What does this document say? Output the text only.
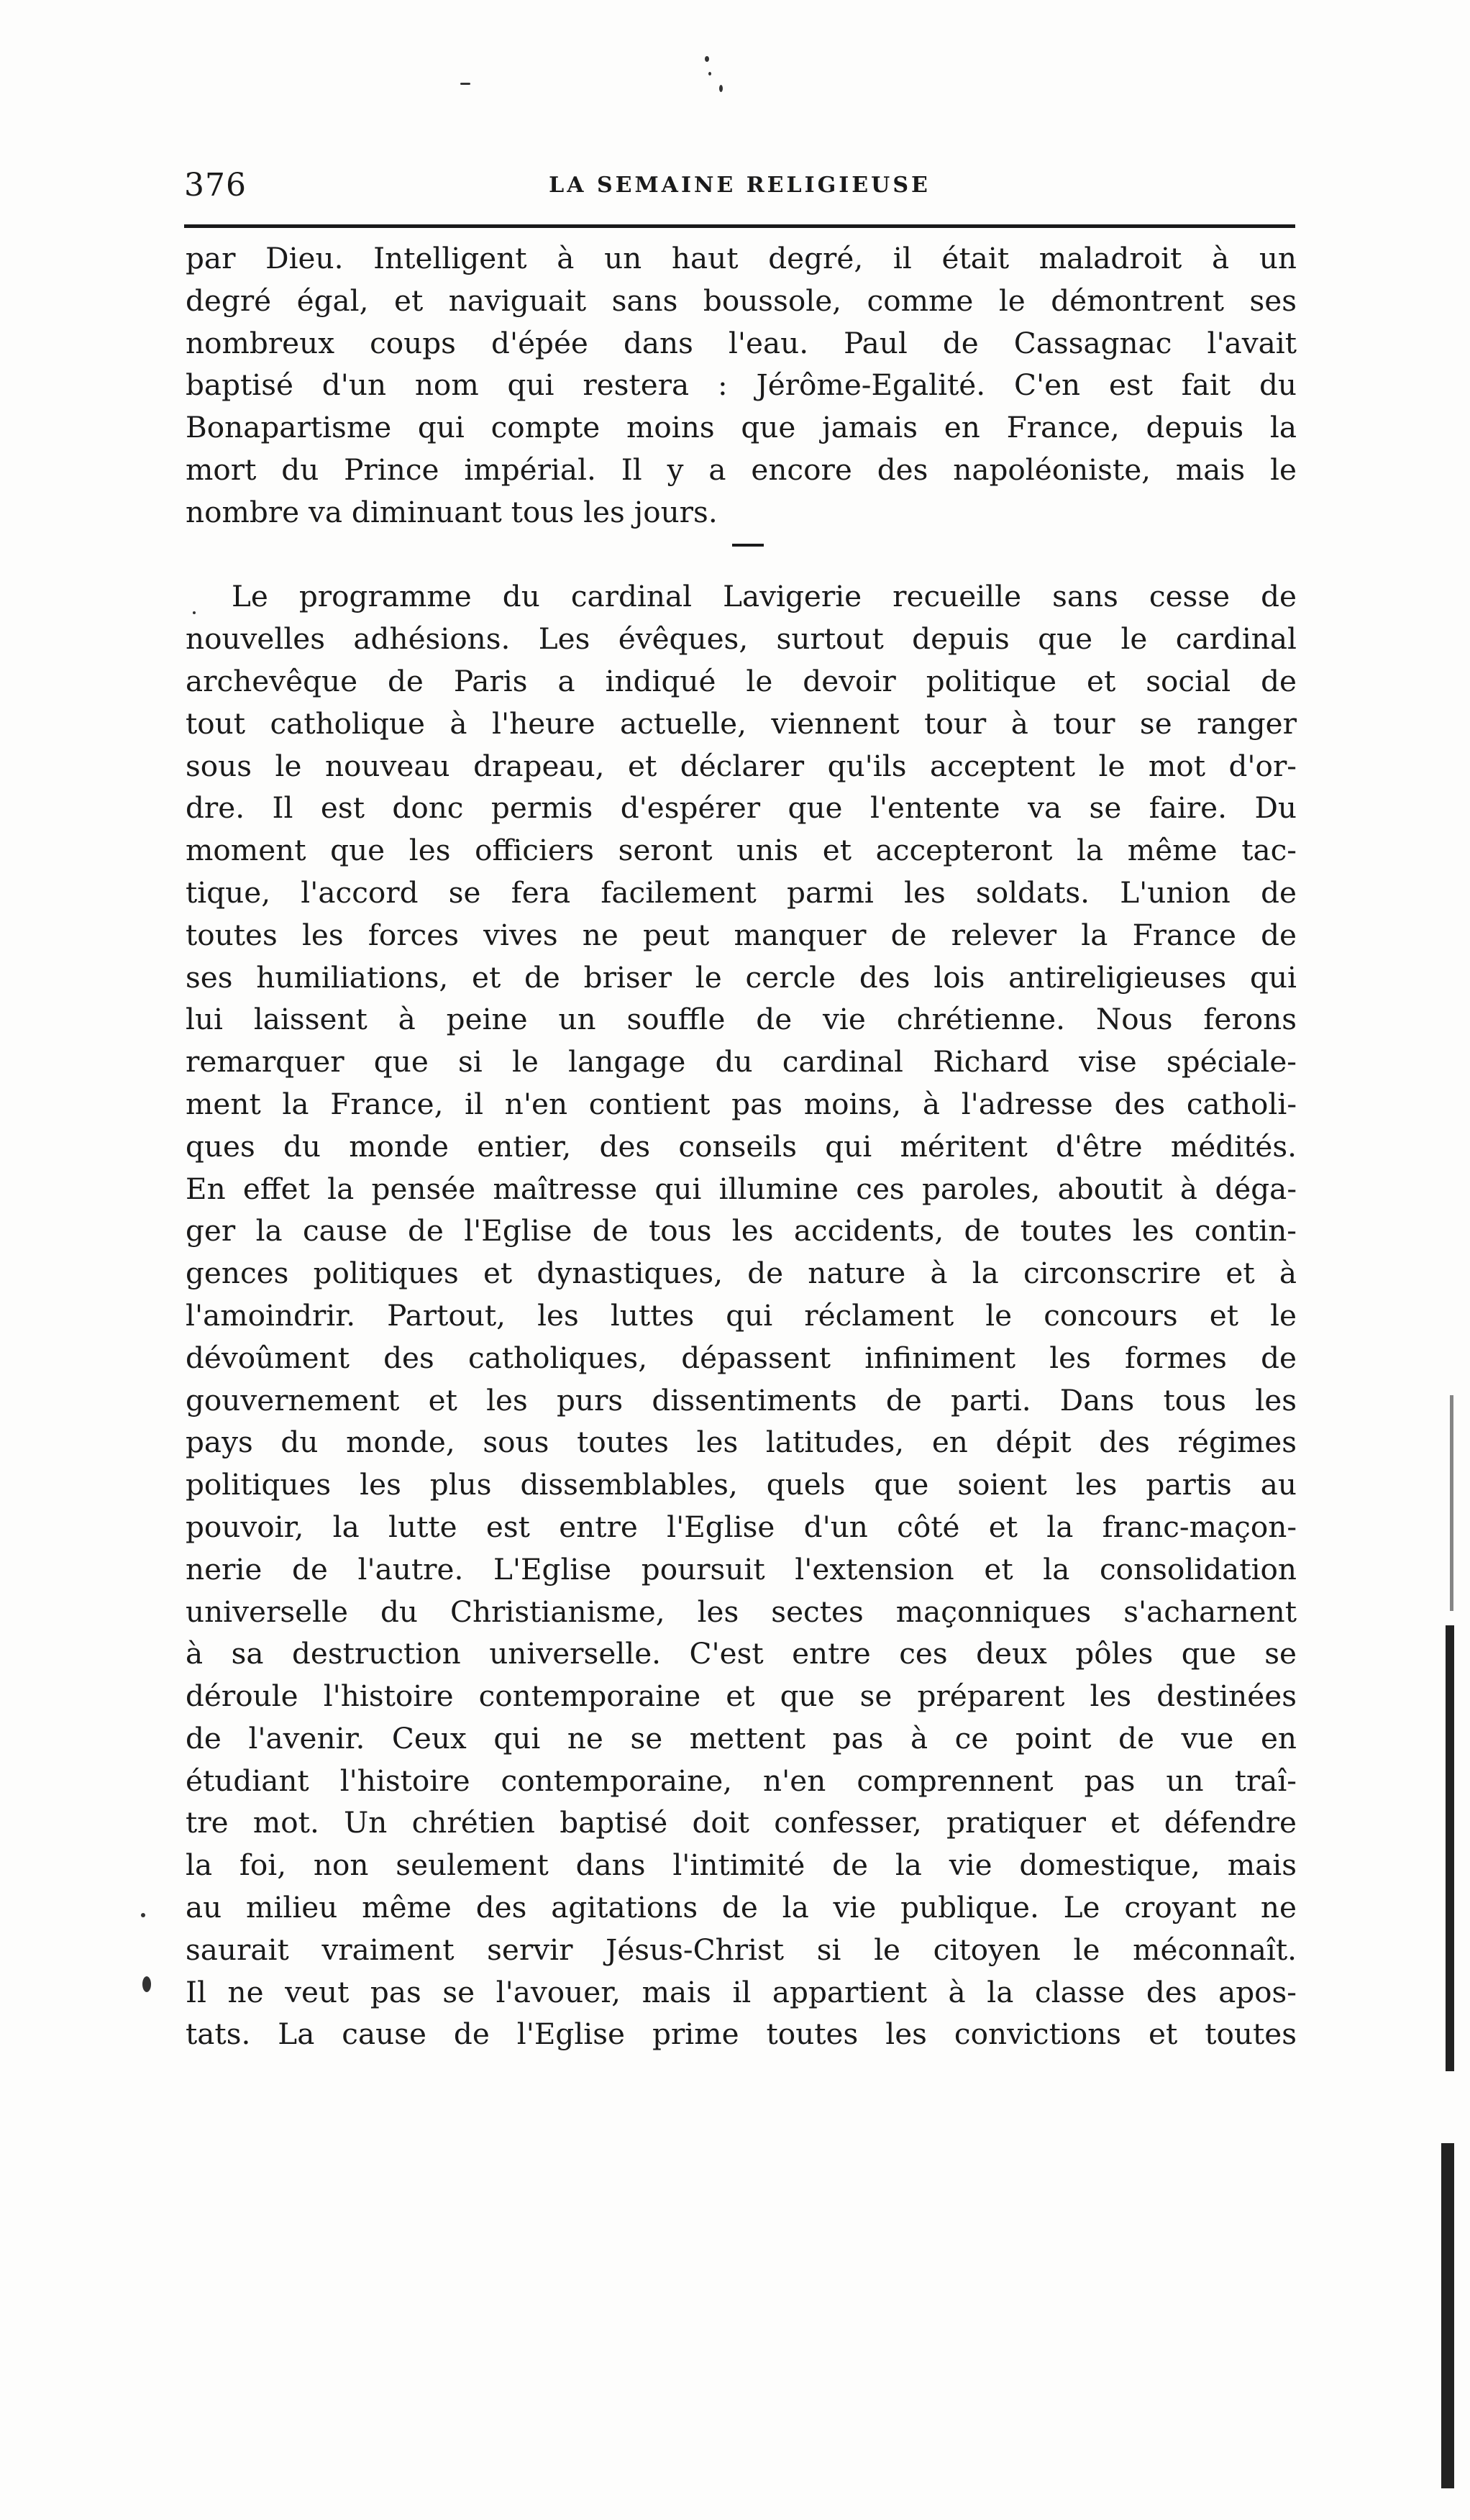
376	LA SEMAINE RELIGIEUSE
par Dieu. Intelligent à un haut degré, il était maladroit à un
degré égal, et naviguait sans boussole, comme le démontrent ses
nombreux coups d'épée dans l'eau. Paul de Cassagnac l'avait
baptisé d'un nom qui restera : Jérôme-Egalité. C'en est fait du
Bonapartisme qui compte moins que jamais en France, depuis la
mort du Prince impérial. Il y a encore des napoléoniste, mais le
nombre va diminuant tous les jours.
Le programme du cardinal Lavigerie recueille sans cesse de
nouvelles adhésions. Les évêques, surtout depuis que le cardinal
archevêque de Paris a indiqué le devoir politique et social de
tout catholique à l'heure actuelle, viennent tour à tour se ranger
sous le nouveau drapeau, et déclarer qu'ils acceptent le mot d'or-
dre. Il est donc permis d'espérer que l'entente va se faire. Du
moment que les officiers seront unis et accepteront la même tac-
tique, l'accord se fera facilement parmi les soldats. L'union de
toutes les forces vives ne peut manquer de relever la France de
ses humiliations, et de briser le cercle des lois antireligieuses qui
lui laissent à peine un souffle de vie chrétienne. Nous ferons
remarquer que si le langage du cardinal Richard vise spéciale-
ment la France, il n'en contient pas moins, à l'adresse des catholi-
ques du monde entier, des conseils qui méritent d'être médités.
En effet la pensée maîtresse qui illumine ces paroles, aboutit à déga-
ger la cause de l'Eglise de tous les accidents, de toutes les contin-
gences politiques et dynastiques, de nature à la circonscrire et à
l'amoindrir. Partout, les luttes qui réclament le concours et le
dévoûment des catholiques, dépassent infiniment les formes de
gouvernement et les purs dissentiments de parti. Dans tous les
pays du monde, sous toutes les latitudes, en dépit des régimes
politiques les plus dissemblables, quels que soient les partis au
pouvoir, la lutte est entre l'Eglise d'un côté et la franc-maçon-
nerie de l'autre. L'Eglise poursuit l'extension et la consolidation
universelle du Christianisme, les sectes maçonniques s'acharnent
à sa destruction universelle. C'est entre ces deux pôles que se
déroule l'histoire contemporaine et que se préparent les destinées
de l'avenir. Ceux qui ne se mettent pas à ce point de vue en
étudiant l'histoire contemporaine, n'en comprennent pas un traî-
tre mot. Un chrétien baptisé doit confesser, pratiquer et défendre
la foi, non seulement dans l'intimité de la vie domestique, mais
au milieu même des agitations de la vie publique. Le croyant ne
saurait vraiment servir Jésus-Christ si le citoyen le méconnaît.
Il ne veut pas se l'avouer, mais il appartient à la classe des apos-
tats. La cause de l'Eglise prime toutes les convictions et toutes
